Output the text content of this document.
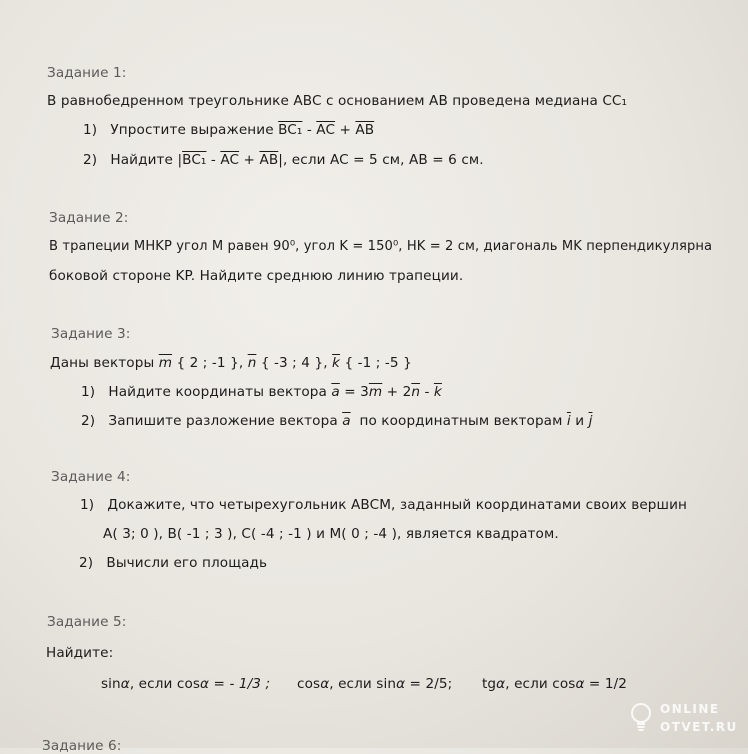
Задание 1:
В равнобедренном треугольнике ABC с основанием AB проведена медиана CC₁
1) Упростите выражение $BC_1 - \overline{AC} + \overline{AB}$
2) Найдите $|BC_1 - \overline{AC} + \overline{AB}|$, если AC = 5 см, AB = 6 см.
Задание 2:
В трапеции MHKP угол M равен 90⁰, угол K = 150⁰, HK = 2 см, диагональ MK перпендикулярна
боковой стороне KP. Найдите среднюю линию трапеции.
Задание 3:
Даны векторы $\overline{m}$ { 2 ; -1 }, $\overline{n}$ { -3 ; 4 }, $\overline{k}$ { -1 ; -5 }
1) Найдите координаты вектора $\overline{a} = 3\overline{m} + 2\overline{n} - \overline{k}$
2) Запишите разложение вектора $\overline{a}$ по координатным векторам $\overline{i}$ и $\overline{j}$
Задание 4:
1) Докажите, что четырехугольник ABCM, заданный координатами своих вершин
A( 3; 0 ), B( -1 ; 3 ), C( -4 ; -1 ) и M( 0 ; -4 ), является квадратом.
2) Вычисли его площадь
Задание 5:
Найдите:
sinα, если cosα = - 1/3 ; cosα, если sinα = 2/5; tgα, если cosα = 1/2
Задание 6:
ONLINE
OTVET.RU
